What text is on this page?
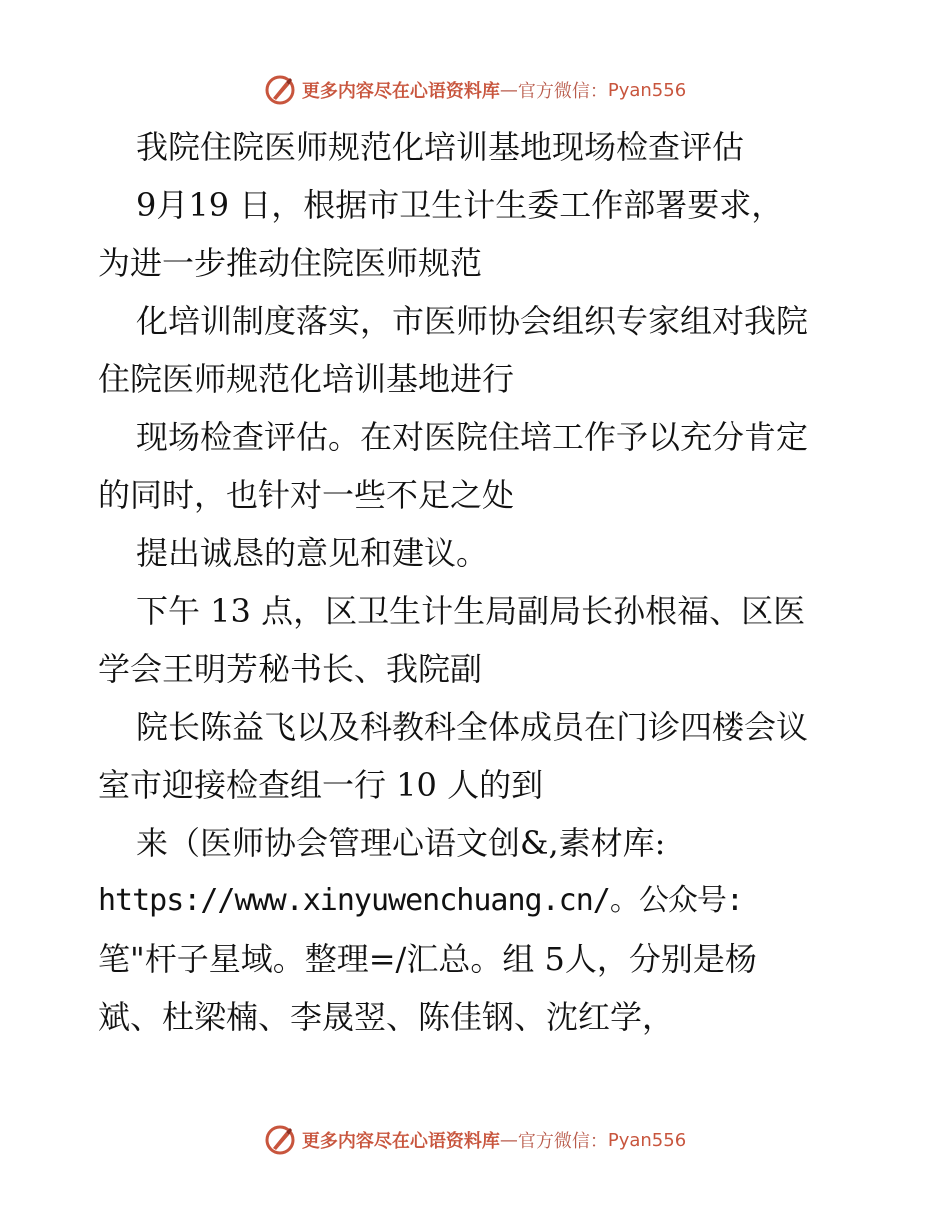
更多内容尽在心语资料库 — 官方微信： Pyan556
我院住院医师规范化培训基地现场检查评估
9月19 日，根据市卫生计生委工作部署要求，
为进一步推动住院医师规范
化培训制度落实，市医师协会组织专家组对我院
住院医师规范化培训基地进行
现场检查评估。在对医院住培工作予以充分肯定
的同时，也针对一些不足之处
提出诚恳的意见和建议。
下午 13 点，区卫生计生局副局长孙根福、区医
学会王明芳秘书长、我院副
院长陈益飞以及科教科全体成员在门诊四楼会议
室市迎接检查组一行 10 人的到
来（医师协会管理心语文创&,素材库:
https://www.xinyuwenchuang.cn/。公众号:
笔"杆子星域。整理=/汇总。组 5人，分别是杨
斌、杜梁楠、李晟翌、陈佳钢、沈红学，
更多内容尽在心语资料库 — 官方微信： Pyan556
